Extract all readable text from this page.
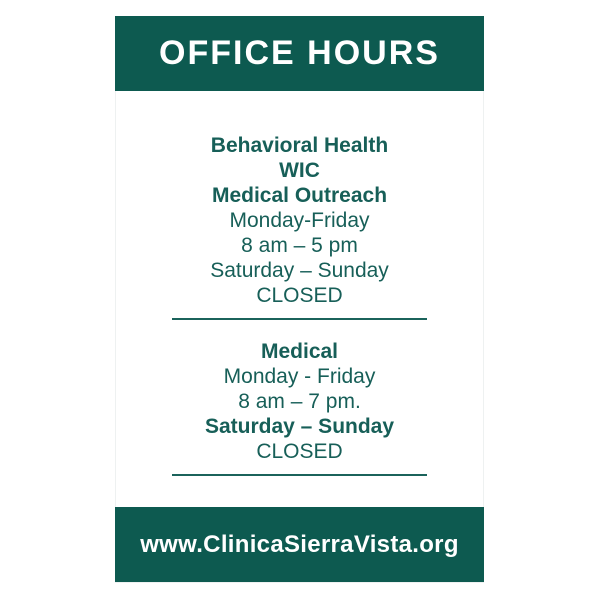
OFFICE HOURS
Behavioral Health
WIC
Medical Outreach
Monday-Friday
8 am – 5 pm
Saturday – Sunday
CLOSED
Medical
Monday - Friday
8 am – 7 pm.
Saturday – Sunday
CLOSED
www.ClinicaSierraVista.org
